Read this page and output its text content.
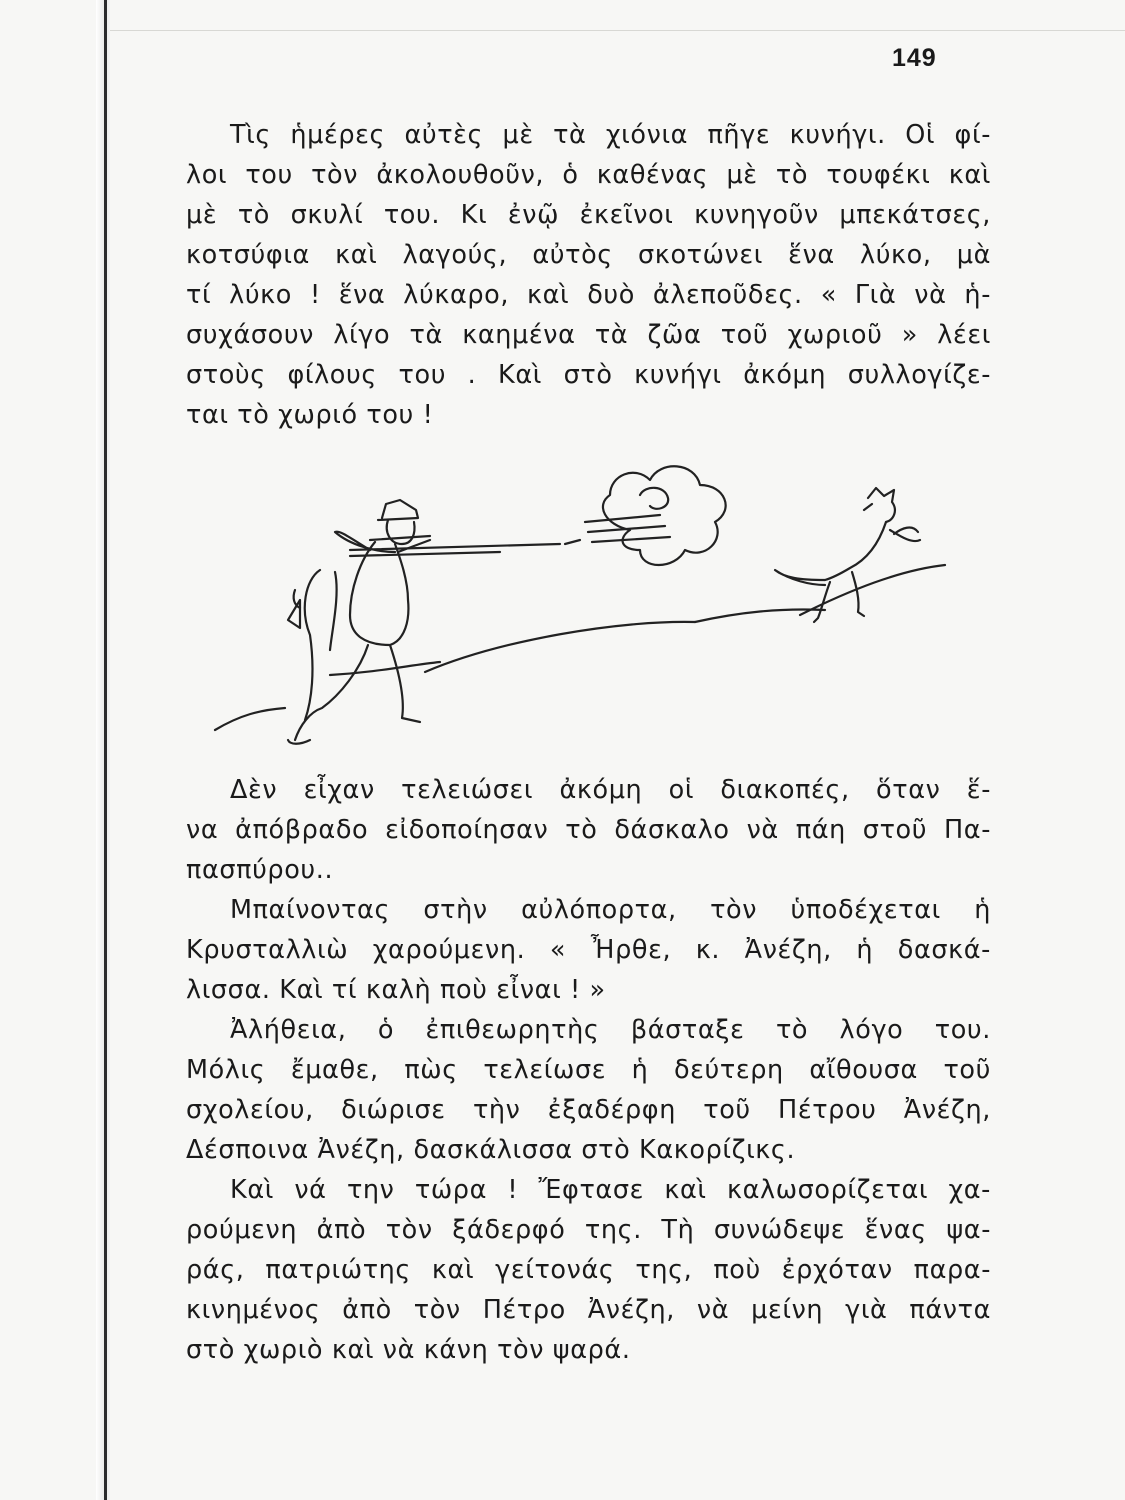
149
Τὶς ἡμέρες αὐτὲς μὲ τὰ χιόνια πῆγε κυνήγι. Οἱ φί-
λοι του τὸν ἀκολουθοῦν, ὁ καθένας μὲ τὸ τουφέκι καὶ
μὲ τὸ σκυλί του. Κι ἐνῷ ἐκεῖνοι κυνηγοῦν μπεκάτσες,
κοτσύφια καὶ λαγούς, αὐτὸς σκοτώνει ἕνα λύκο, μὰ
τί λύκο ! ἕνα λύκαρο, καὶ δυὸ ἀλεποῦδες. « Γιὰ νὰ ἡ-
συχάσουν λίγο τὰ καημένα τὰ ζῶα τοῦ χωριοῦ » λέει
στοὺς φίλους του . Καὶ στὸ κυνήγι ἀκόμη συλλογίζε-
ται τὸ χωριό του !
Δὲν εἶχαν τελειώσει ἀκόμη οἱ διακοπές, ὅταν ἕ-
να ἀπόβραδο εἰδοποίησαν τὸ δάσκαλο νὰ πάη στοῦ Πα-
πασπύρου..
Μπαίνοντας στὴν αὐλόπορτα, τὸν ὑποδέχεται ἡ
Κρυσταλλιὼ χαρούμενη. « Ἦρθε, κ. Ἀνέζη, ἡ δασκά-
λισσα. Καὶ τί καλὴ ποὺ εἶναι ! »
Ἀλήθεια, ὁ ἐπιθεωρητὴς βάσταξε τὸ λόγο του.
Μόλις ἔμαθε, πὼς τελείωσε ἡ δεύτερη αἴθουσα τοῦ
σχολείου, διώρισε τὴν ἐξαδέρφη τοῦ Πέτρου Ἀνέζη,
Δέσποινα Ἀνέζη, δασκάλισσα στὸ Κακορίζικς.
Καὶ νά την τώρα ! Ἔφτασε καὶ καλωσορίζεται χα-
ρούμενη ἀπὸ τὸν ξάδερφό της. Τὴ συνώδεψε ἕνας ψα-
ράς, πατριώτης καὶ γείτονάς της, ποὺ ἐρχόταν παρα-
κινημένος ἀπὸ τὸν Πέτρο Ἀνέζη, νὰ μείνη γιὰ πάντα
στὸ χωριὸ καὶ νὰ κάνη τὸν ψαρά.
